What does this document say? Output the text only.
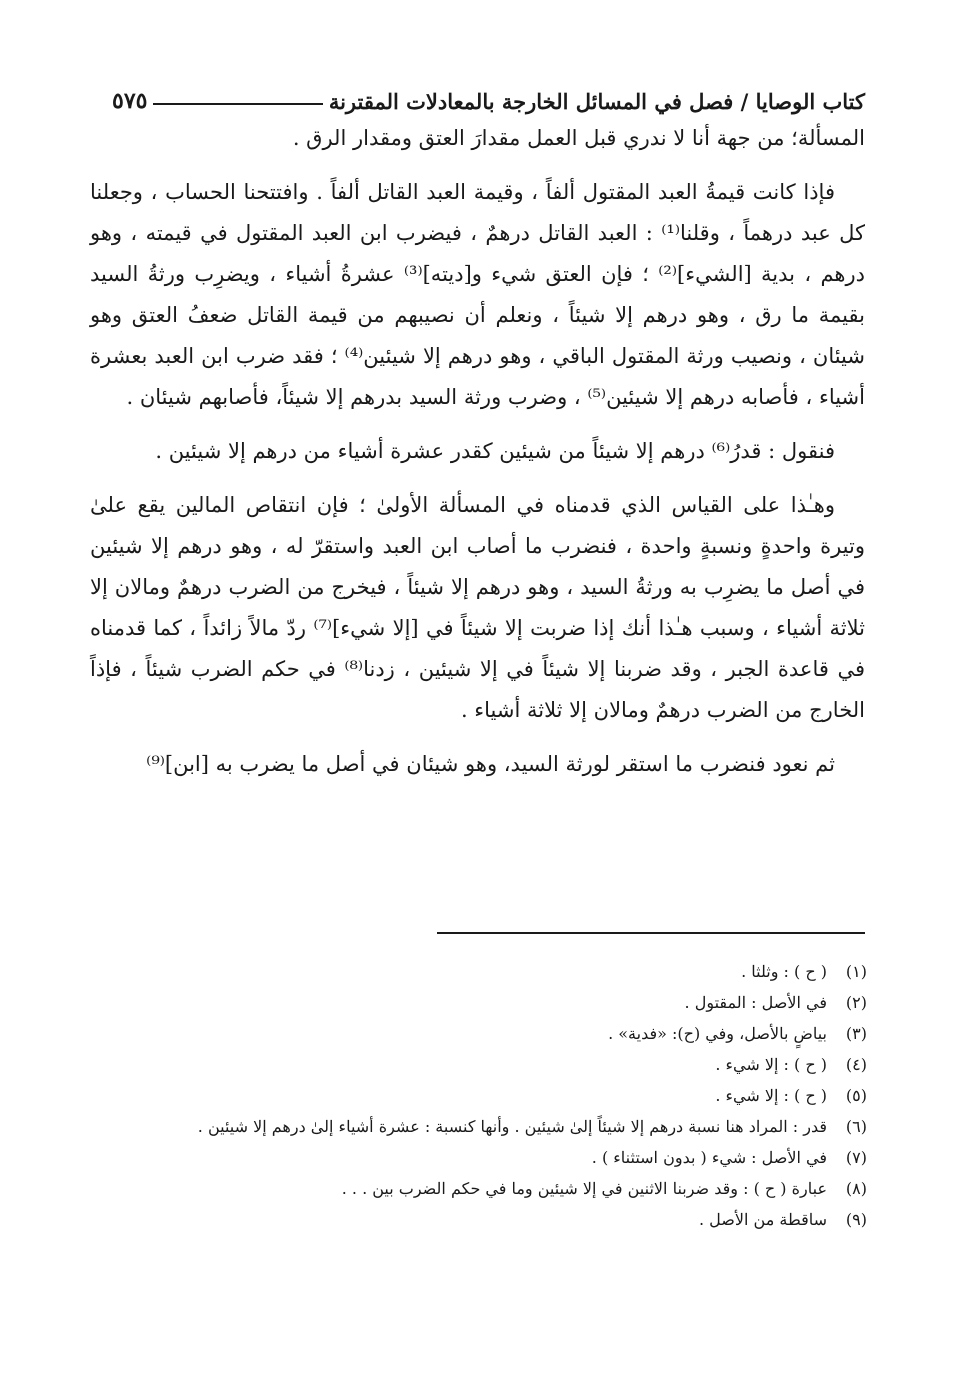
كتاب الوصايا / فصل في المسائل الخارجة بالمعادلات المقترنة
٥٧٥

المسألة؛ من جهة أنا لا ندري قبل العمل مقدارَ العتق ومقدار الرق .

فإذا كانت قيمةُ العبد المقتول ألفاً ، وقيمة العبد القاتل ألفاً . وافتتحنا الحساب ، وجعلنا كل عبد درهماً ، وقلنا⁽¹⁾ : العبد القاتل درهمٌ ، فيضرب ابن العبد المقتول في قيمته ، وهو درهم ، بدية [الشيء]⁽²⁾ ؛ فإن العتق شيء و[ديته]⁽³⁾ عشرةُ أشياء ، ويضرِب ورثةُ السيد بقيمة ما رق ، وهو درهم إلا شيئاً ، ونعلم أن نصيبهم من قيمة القاتل ضعفُ العتق وهو شيئان ، ونصيب ورثة المقتول الباقي ، وهو درهم إلا شيئين⁽⁴⁾ ؛ فقد ضرب ابن العبد بعشرة أشياء ، فأصابه درهم إلا شيئين⁽⁵⁾ ، وضرب ورثة السيد بدرهم إلا شيئاً، فأصابهم شيئان .

فنقول : قدرُ⁽⁶⁾ درهم إلا شيئاً من شيئين كقدر عشرة أشياء من درهم إلا شيئين .

وهـٰذا على القياس الذي قدمناه في المسألة الأولىٰ ؛ فإن انتقاص المالين يقع علىٰ وتيرة واحدةٍ ونسبةٍ واحدة ، فنضرب ما أصاب ابن العبد واستقرّ له ، وهو درهم إلا شيئين في أصل ما يضرِب به ورثةُ السيد ، وهو درهم إلا شيئاً ، فيخرج من الضرب درهمٌ ومالان إلا ثلاثة أشياء ، وسبب هـٰذا أنك إذا ضربت إلا شيئاً في [إلا شيء]⁽⁷⁾ ردّ مالاً زائداً ، كما قدمناه في قاعدة الجبر ، وقد ضربنا إلا شيئاً في إلا شيئين ، زدنا⁽⁸⁾ في حكم الضرب شيئاً ، فإذاً الخارج من الضرب درهمٌ ومالان إلا ثلاثة أشياء .

ثم نعود فنضرب ما استقر لورثة السيد، وهو شيئان في أصل ما يضرب به [ابن]⁽⁹⁾

(١)
( ح ) : وثلثا .
(٢)
في الأصل : المقتول .
(٣)
بياضٍ بالأصل، وفي (ح): «فدية» .
(٤)
( ح ) : إلا شيء .
(٥)
( ح ) : إلا شيء .
(٦)
قدر : المراد هنا نسبة درهم إلا شيئاً إلىٰ شيئين . وأنها كنسبة : عشرة أشياء إلىٰ درهم إلا شيئين .
(٧)
في الأصل : شيء ( بدون استثناء ) .
(٨)
عبارة ( ح ) : وقد ضربنا الاثنين في إلا شيئين وما في حكم الضرب بين . . .
(٩)
ساقطة من الأصل .
